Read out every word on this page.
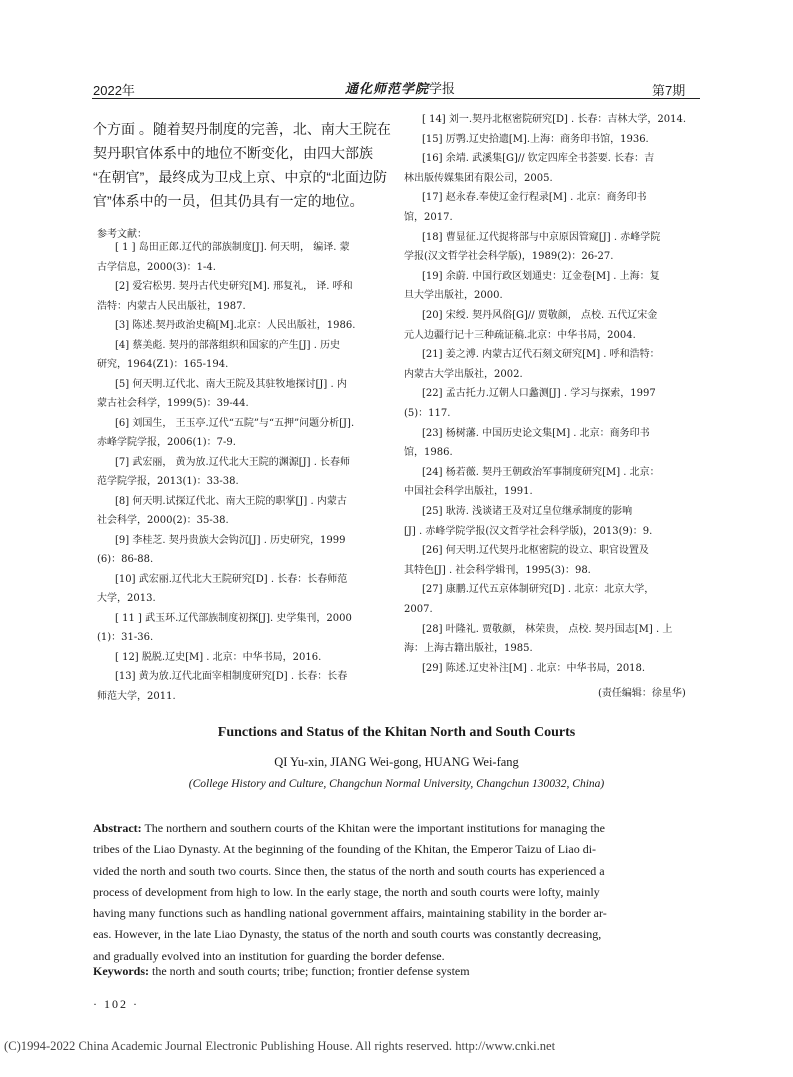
2022年	通化师范学院学报	第7期
个方面 。随着契丹制度的完善，北、南大王院在
契丹职官体系中的地位不断变化，由四大部族
“在朝官”，最终成为卫戍上京、中京的“北面边防
官”体系中的一员，但其仍具有一定的地位。
参考文献：
[ 1 ] 岛田正郎.辽代的部族制度[J]. 何天明， 编译. 蒙
古学信息，2000(3)：1-4.
[2] 爱宕松男. 契丹古代史研究[M]. 邢复礼， 译. 呼和
浩特：内蒙古人民出版社，1987.
[3] 陈述.契丹政治史稿[M].北京：人民出版社，1986.
[4] 蔡美彪. 契丹的部落组织和国家的产生[J] . 历史
研究，1964(Z1)：165-194.
[5] 何天明.辽代北、南大王院及其驻牧地探讨[J] . 内
蒙古社会科学，1999(5)：39-44.
[6] 刘国生， 王玉亭.辽代“五院”与“五押”问题分析[J].
赤峰学院学报，2006(1)：7-9.
[7] 武宏丽， 黄为放.辽代北大王院的渊源[J] . 长春师
范学院学报，2013(1)：33-38.
[8] 何天明.试探辽代北、南大王院的职掌[J] . 内蒙古
社会科学，2000(2)：35-38.
[9] 李桂芝. 契丹贵族大会钩沉[J] . 历史研究，1999
(6)：86-88.
[10] 武宏丽.辽代北大王院研究[D] . 长春：长春师范
大学，2013.
[ 11 ] 武玉环.辽代部族制度初探[J]. 史学集刊，2000
(1)：31-36.
[ 12] 脱脱.辽史[M] . 北京：中华书局，2016.
[13] 黄为放.辽代北面宰相制度研究[D] . 长春：长春
师范大学，2011.
[ 14] 刘一.契丹北枢密院研究[D] . 长春：吉林大学，2014.
[15] 厉鹗.辽史拾遗[M].上海：商务印书馆，1936.
[16] 余靖. 武溪集[G]// 钦定四库全书荟要. 长春：吉
林出版传媒集团有限公司，2005.
[17] 赵永春.奉使辽金行程录[M] . 北京：商务印书
馆，2017.
[18] 曹显征.辽代捉将部与中京原因管窥[J] . 赤峰学院
学报(汉文哲学社会科学版)，1989(2)：26-27.
[19] 余蔚. 中国行政区划通史：辽金卷[M] . 上海：复
旦大学出版社，2000.
[20] 宋绶. 契丹风俗[G]// 贾敬颜， 点校. 五代辽宋金
元人边疆行记十三种疏证稿.北京：中华书局，2004.
[21] 姜之溥. 内蒙古辽代石刻文研究[M] . 呼和浩特：
内蒙古大学出版社，2002.
[22] 孟古托力.辽朝人口蠡测[J] . 学习与探索，1997
(5)：117.
[23] 杨树藩. 中国历史论文集[M] . 北京：商务印书
馆，1986.
[24] 杨若薇. 契丹王朝政治军事制度研究[M] . 北京：
中国社会科学出版社，1991.
[25] 耿涛. 浅谈诸王及对辽皇位继承制度的影响
[J] . 赤峰学院学报(汉文哲学社会科学版)，2013(9)：9.
[26] 何天明.辽代契丹北枢密院的设立、职官设置及
其特色[J] . 社会科学辑刊，1995(3)：98.
[27] 康鹏.辽代五京体制研究[D] . 北京：北京大学，
2007.
[28] 叶隆礼. 贾敬颜， 林荣贵， 点校. 契丹国志[M] . 上
海：上海古籍出版社，1985.
[29] 陈述.辽史补注[M] . 北京：中华书局，2018.
(责任编辑：徐星华)
Functions and Status of the Khitan North and South Courts
QI Yu-xin, JIANG Wei-gong, HUANG Wei-fang
(College History and Culture, Changchun Normal University, Changchun 130032, China)
Abstract: The northern and southern courts of the Khitan were the important institutions for managing the
tribes of the Liao Dynasty. At the beginning of the founding of the Khitan, the Emperor Taizu of Liao di-
vided the north and south two courts. Since then, the status of the north and south courts has experienced a
process of development from high to low. In the early stage, the north and south courts were lofty, mainly
having many functions such as handling national government affairs, maintaining stability in the border ar-
eas. However, in the late Liao Dynasty, the status of the north and south courts was constantly decreasing,
and gradually evolved into an institution for guarding the border defense.
Keywords: the north and south courts; tribe; function; frontier defense system
· 102 ·
(C)1994-2022 China Academic Journal Electronic Publishing House. All rights reserved. http://www.cnki.net
